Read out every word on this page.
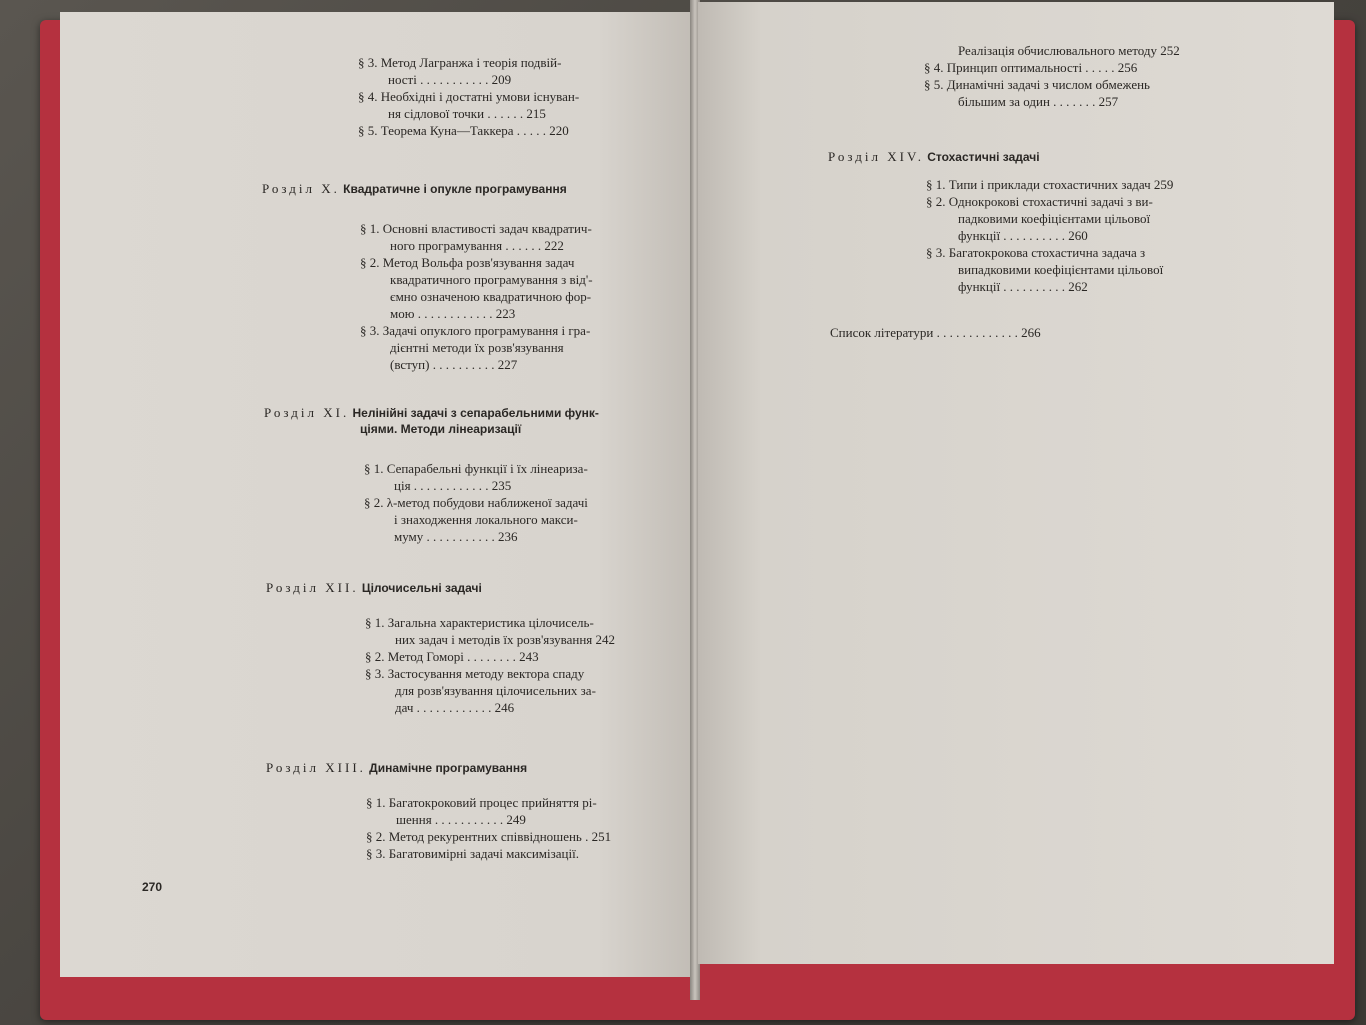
§ 3. Метод Лагранжа і теорія подвій-
ності . . . . . . . . . . . 209
§ 4. Необхідні і достатні умови існуван-
ня сідлової точки . . . . . . 215
§ 5. Теорема Куна—Таккера . . . . . 220
Розділ X. Квадратичне і опукле програмування
§ 1. Основні властивості задач квадратич-
ного програмування . . . . . . 222
§ 2. Метод Вольфа розв'язування задач
квадратичного програмування з від'-
ємно означеною квадратичною фор-
мою . . . . . . . . . . . . 223
§ 3. Задачі опуклого програмування і гра-
дієнтні методи їх розв'язування
(вступ) . . . . . . . . . . 227
Розділ XI. Нелінійні задачі з сепарабельними функ-
ціями. Методи лінеаризації
§ 1. Сепарабельні функції і їх лінеариза-
ція . . . . . . . . . . . . 235
§ 2. λ-метод побудови наближеної задачі
і знаходження локального макси-
муму . . . . . . . . . . . 236
Розділ XII. Цілочисельні задачі
§ 1. Загальна характеристика цілочисель-
них задач і методів їх розв'язування 242
§ 2. Метод Гоморі . . . . . . . . 243
§ 3. Застосування методу вектора спаду
для розв'язування цілочисельних за-
дач . . . . . . . . . . . . 246
Розділ XIII. Динамічне програмування
§ 1. Багатокроковий процес прийняття рі-
шення . . . . . . . . . . . 249
§ 2. Метод рекурентних співвідношень . 251
§ 3. Багатовимірні задачі максимізації.
270
Реалізація обчислювального методу 252
§ 4. Принцип оптимальності . . . . . 256
§ 5. Динамічні задачі з числом обмежень
більшим за один . . . . . . . 257
Розділ XIV. Стохастичні задачі
§ 1. Типи і приклади стохастичних задач 259
§ 2. Однокрокові стохастичні задачі з ви-
падковими коефіцієнтами цільової
функції . . . . . . . . . . 260
§ 3. Багатокрокова стохастична задача з
випадковими коефіцієнтами цільової
функції . . . . . . . . . . 262
Список літератури . . . . . . . . . . . . . 266
